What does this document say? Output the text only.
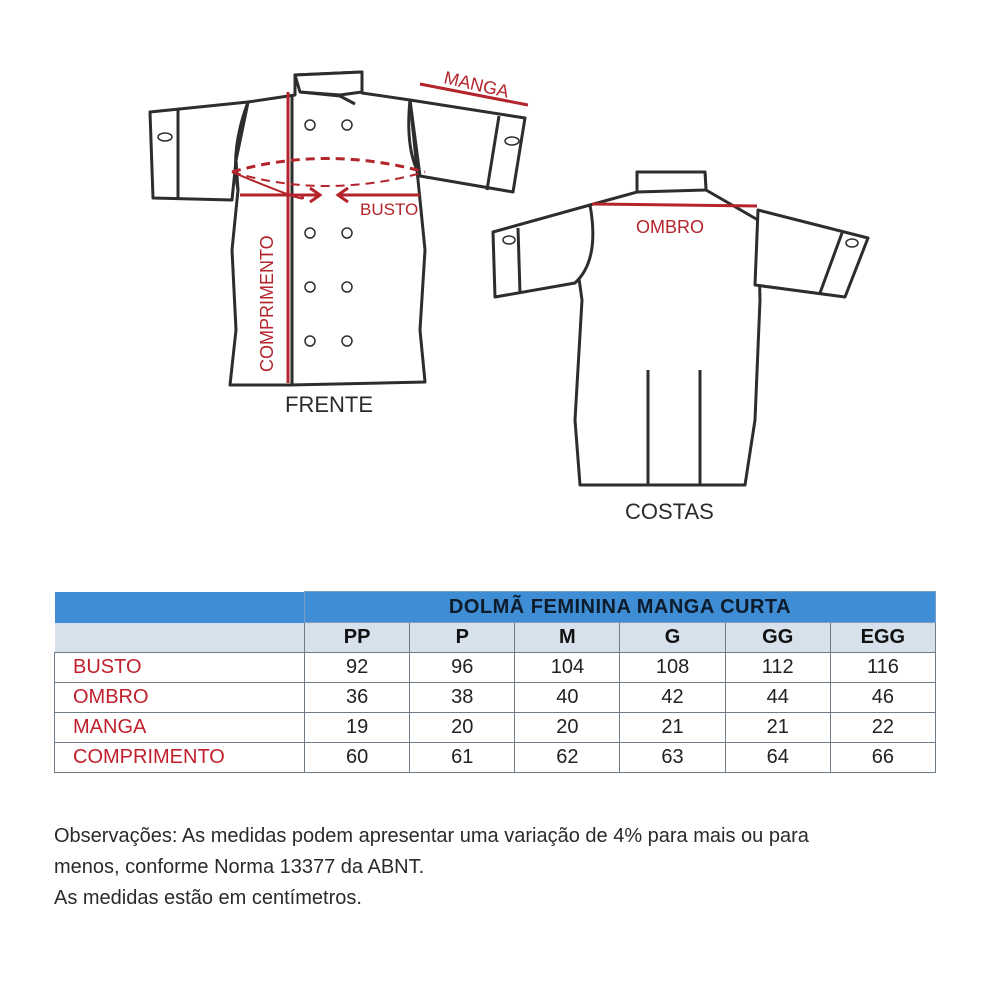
MANGA
BUSTO
COMPRIMENTO
FRENTE
OMBRO
COSTAS
	DOLMÃ FEMININA MANGA CURTA					
	PP	P	M	G	GG	EGG
BUSTO	92	96	104	108	112	116
OMBRO	36	38	40	42	44	46
MANGA	19	20	20	21	21	22
COMPRIMENTO	60	61	62	63	64	66

Observações: As medidas podem apresentar uma variação de 4% para mais ou para

menos, conforme Norma 13377 da ABNT.

As medidas estão em centímetros.
